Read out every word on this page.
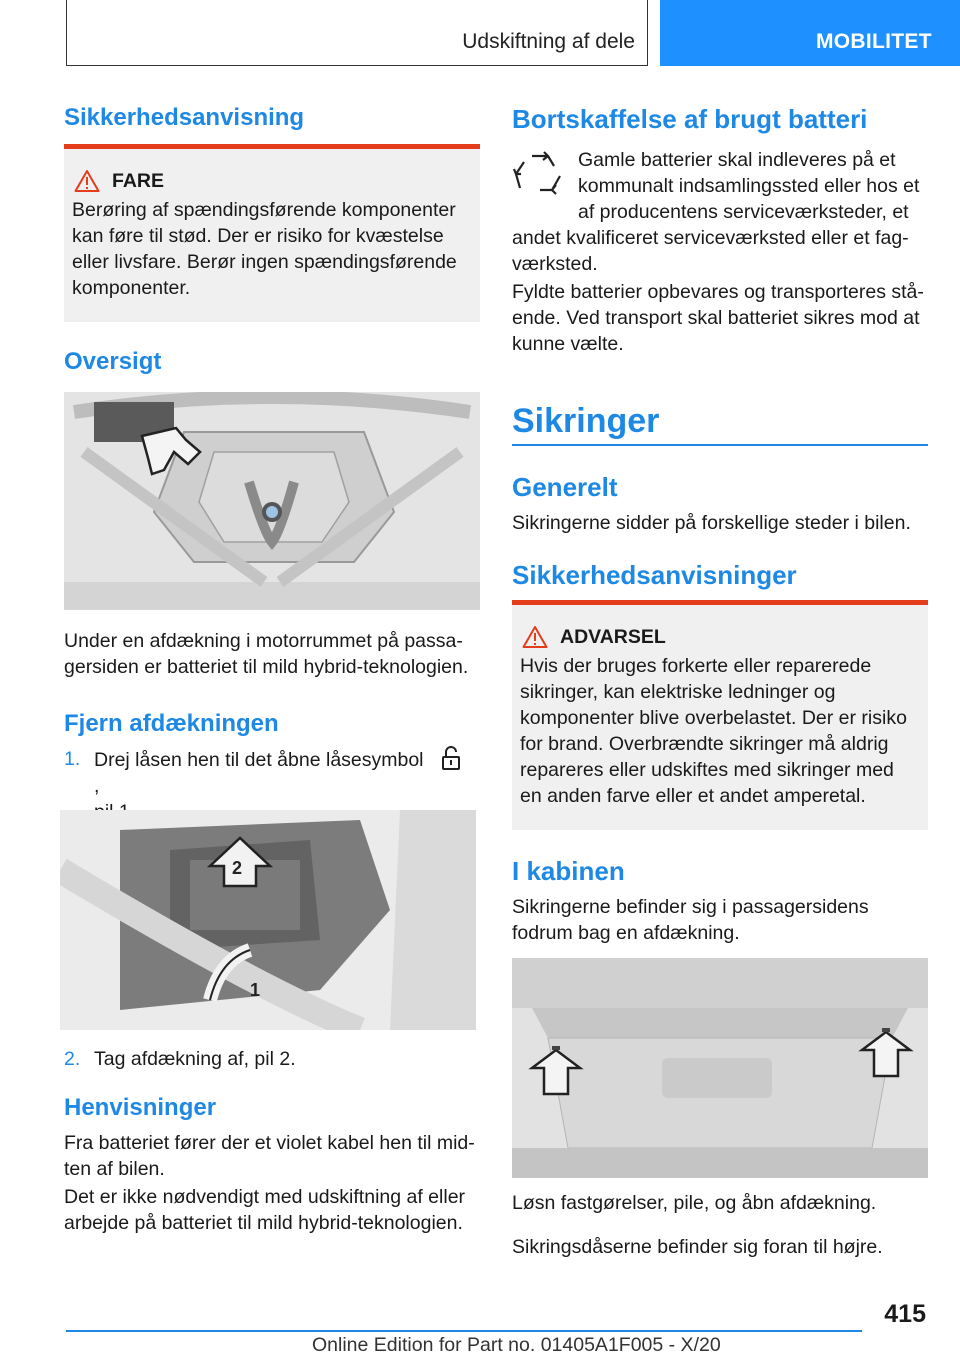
Udskiftning af dele	MOBILITET
Sikkerhedsanvisning
FARE
Berøring af spændingsførende komponenter kan føre til stød. Der er risiko for kvæstelse eller livsfare. Berør ingen spændingsførende komponenter.
Oversigt

Under en afdækning i motorrummet på passagersiden er batteriet til mild hybrid-teknologien.

Fjern afdækningen
1. Drej låsen hen til det åbne låsesymbol  ,
2
1
2. Tag afdækning af, pil 2.
Henvisninger

Fra batteriet fører der et violet kabel hen til midten af bilen.

Det er ikke nødvendigt med udskiftning af eller arbejde på batteriet til mild hybrid-teknologien.

Bortskaffelse af brugt batteri

Gamle batterier skal indleveres på et

kommunalt indsamlingssted eller hos et

af producentens serviceværksteder, et

andet kvalificeret serviceværksted eller et fagværksted.

Fyldte batterier opbevares og transporteres stående. Ved transport skal batteriet sikres mod at kunne vælte.

Sikringer
Generelt

Sikringerne sidder på forskellige steder i bilen.

Sikkerhedsanvisninger
ADVARSEL
Hvis der bruges forkerte eller reparerede sikringer, kan elektriske ledninger og komponenter blive overbelastet. Der er risiko for brand. Overbrændte sikringer må aldrig repareres eller udskiftes med sikringer med en anden farve eller et andet amperetal.
I kabinen

Sikringerne befinder sig i passagersidens fodrum bag en afdækning.

Løsn fastgørelser, pile, og åbn afdækning.

Sikringsdåserne befinder sig foran til højre.

415
Online Edition for Part no. 01405A1F005 - X/20
